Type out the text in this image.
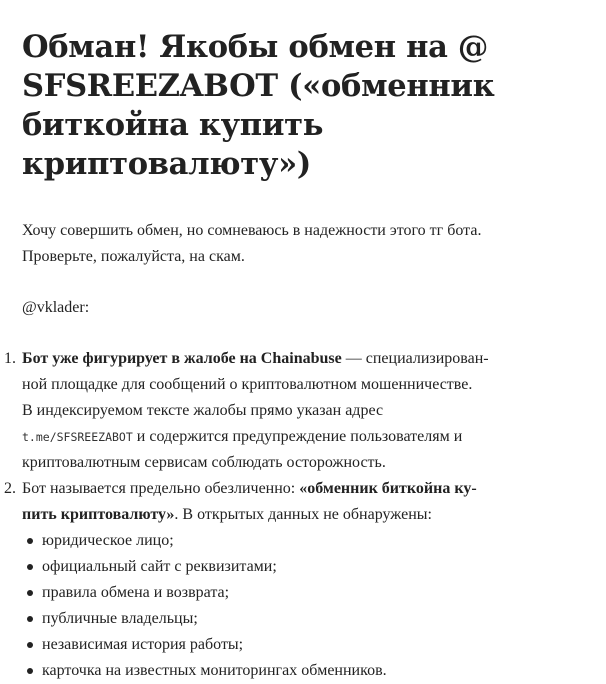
Обман! Якобы обмен на @
SFSREEZABOT («обменник
биткойна купить
криптовалюту»)

Хочу совершить обмен, но сомневаюсь в надежности этого тг бота.
Проверьте, пожалуйста, на скам.

@vklader:

1. Бот уже фигурирует в жалобе на Chainabuse — специализирован-
ной площадке для сообщений о криптовалютном мошенничестве.
В индексируемом тексте жалобы прямо указан адрес
t.me/SFSREEZABOT и содержится предупреждение пользователям и
криптовалютным сервисам соблюдать осторожность.
2. Бот называется предельно обезличенно: «обменник биткойна ку-
пить криптовалюту». В открытых данных не обнаружены:
юридическое лицо;
официальный сайт с реквизитами;
правила обмена и возврата;
публичные владельцы;
независимая история работы;
карточка на известных мониторингах обменников.
